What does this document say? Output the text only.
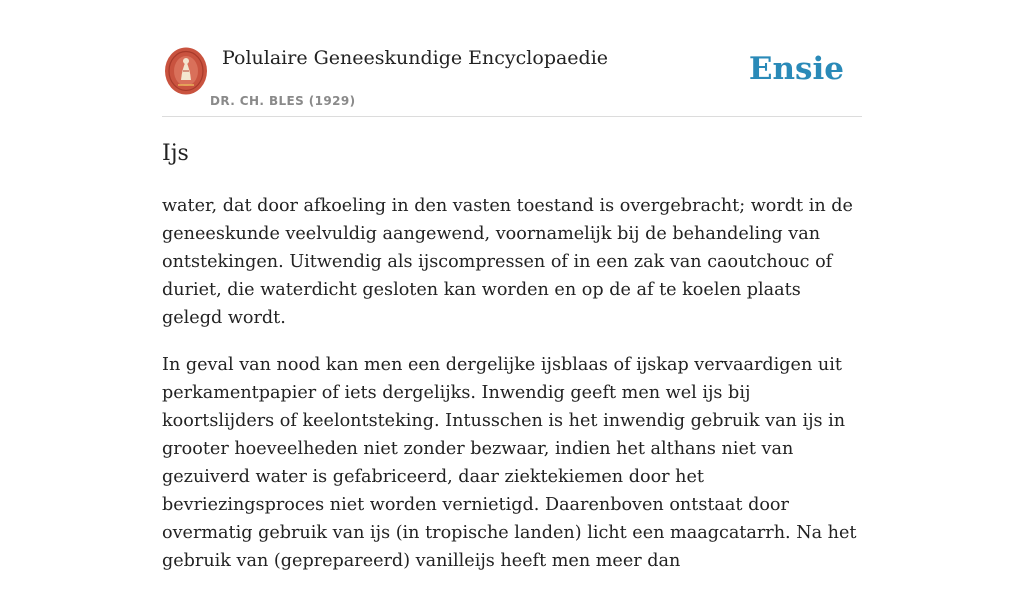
Polulaire Geneeskundige Encyclopaedie
DR. CH. BLES (1929)
Ensie
Ijs

water, dat door afkoeling in den vasten toestand is overgebracht; wordt in de geneeskunde veelvuldig aangewend, voornamelijk bij de behandeling van ontstekingen. Uitwendig als ijscompressen of in een zak van caoutchouc of duriet, die waterdicht gesloten kan worden en op de af te koelen plaats gelegd wordt.

In geval van nood kan men een dergelijke ijsblaas of ijskap vervaardigen uit perkamentpapier of iets dergelijks. Inwendig geeft men wel ijs bij koortslijders of keelontsteking. Intusschen is het inwendig gebruik van ijs in grooter hoeveelheden niet zonder bezwaar, indien het althans niet van gezuiverd water is gefabriceerd, daar ziektekiemen door het bevriezingsproces niet worden vernietigd. Daarenboven ontstaat door overmatig gebruik van ijs (in tropische landen) licht een maagcatarrh. Na het gebruik van (geprepareerd) vanilleijs heeft men meer dan
